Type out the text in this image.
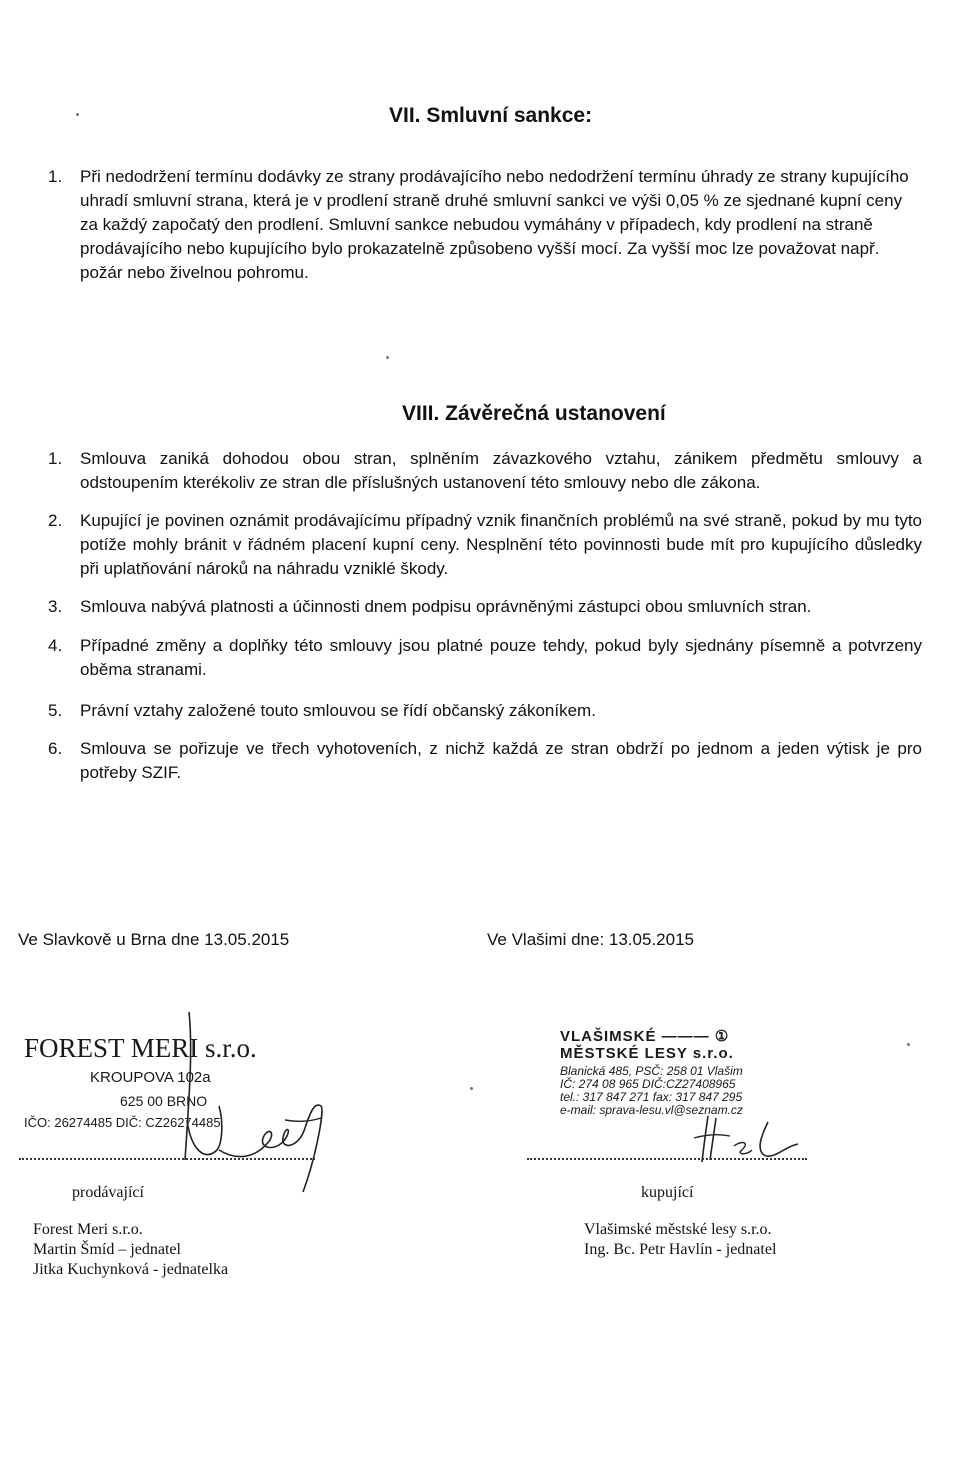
VII. Smluvní sankce:
1. Při nedodržení termínu dodávky ze strany prodávajícího nebo nedodržení termínu úhrady ze strany kupujícího uhradí smluvní strana, která je v prodlení straně druhé smluvní sankci ve výši 0,05 % ze sjednané kupní ceny za každý započatý den prodlení. Smluvní sankce nebudou vymáhány v případech, kdy prodlení na straně prodávajícího nebo kupujícího bylo prokazatelně způsobeno vyšší mocí. Za vyšší moc lze považovat např. požár nebo živelnou pohromu.
VIII. Závěrečná ustanovení
1. Smlouva zaniká dohodou obou stran, splněním závazkového vztahu, zánikem předmětu smlouvy a odstoupením kterékoliv ze stran dle příslušných ustanovení této smlouvy nebo dle zákona.
2. Kupující je povinen oznámit prodávajícímu případný vznik finančních problémů na své straně, pokud by mu tyto potíže mohly bránit v řádném placení kupní ceny. Nesplnění této povinnosti bude mít pro kupujícího důsledky při uplatňování nároků na náhradu vzniklé škody.
3. Smlouva nabývá platnosti a účinnosti dnem podpisu oprávněnými zástupci obou smluvních stran.
4. Případné změny a doplňky této smlouvy jsou platné pouze tehdy, pokud byly sjednány písemně a potvrzeny oběma stranami.
5. Právní vztahy založené touto smlouvou se řídí občanský zákoníkem.
6. Smlouva se pořizuje ve třech vyhotoveních, z nichž každá ze stran obdrží po jednom a jeden výtisk je pro potřeby SZIF.

Ve Slavkově u Brna dne 13.05.2015	Ve Vlašimi dne: 13.05.2015

FOREST MERI s.r.o.
KROUPOVA 102a
625 00 BRNO
IČO: 26274485 DIČ: CZ26274485
VLAŠIMSKÉ ——— ①
MĚSTSKÉ LESY s.r.o.
Blanická 485, PSČ: 258 01 Vlašim
IČ: 274 08 965 DIČ:CZ27408965
tel.: 317 847 271 fax: 317 847 295
e-mail: sprava-lesu.vl@seznam.cz

prodávající	kupující

Forest Meri s.r.o.
Martin Šmíd – jednatel
Jitka Kuchynková - jednatelka

Vlašimské městské lesy s.r.o.
Ing. Bc. Petr Havlín - jednatel
